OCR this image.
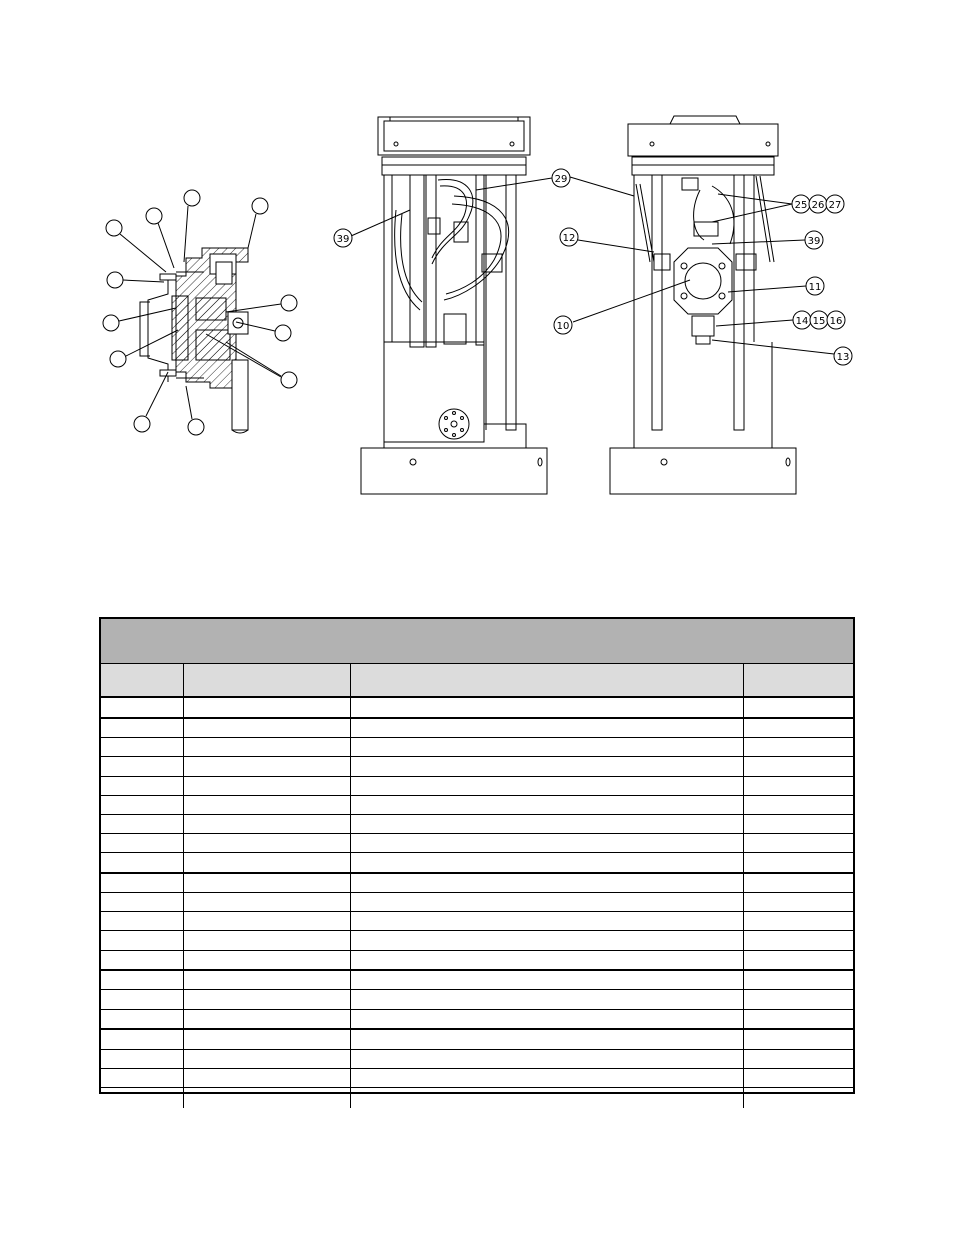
29
39	12
10
11
25 26 27
39
14 15 16
13
